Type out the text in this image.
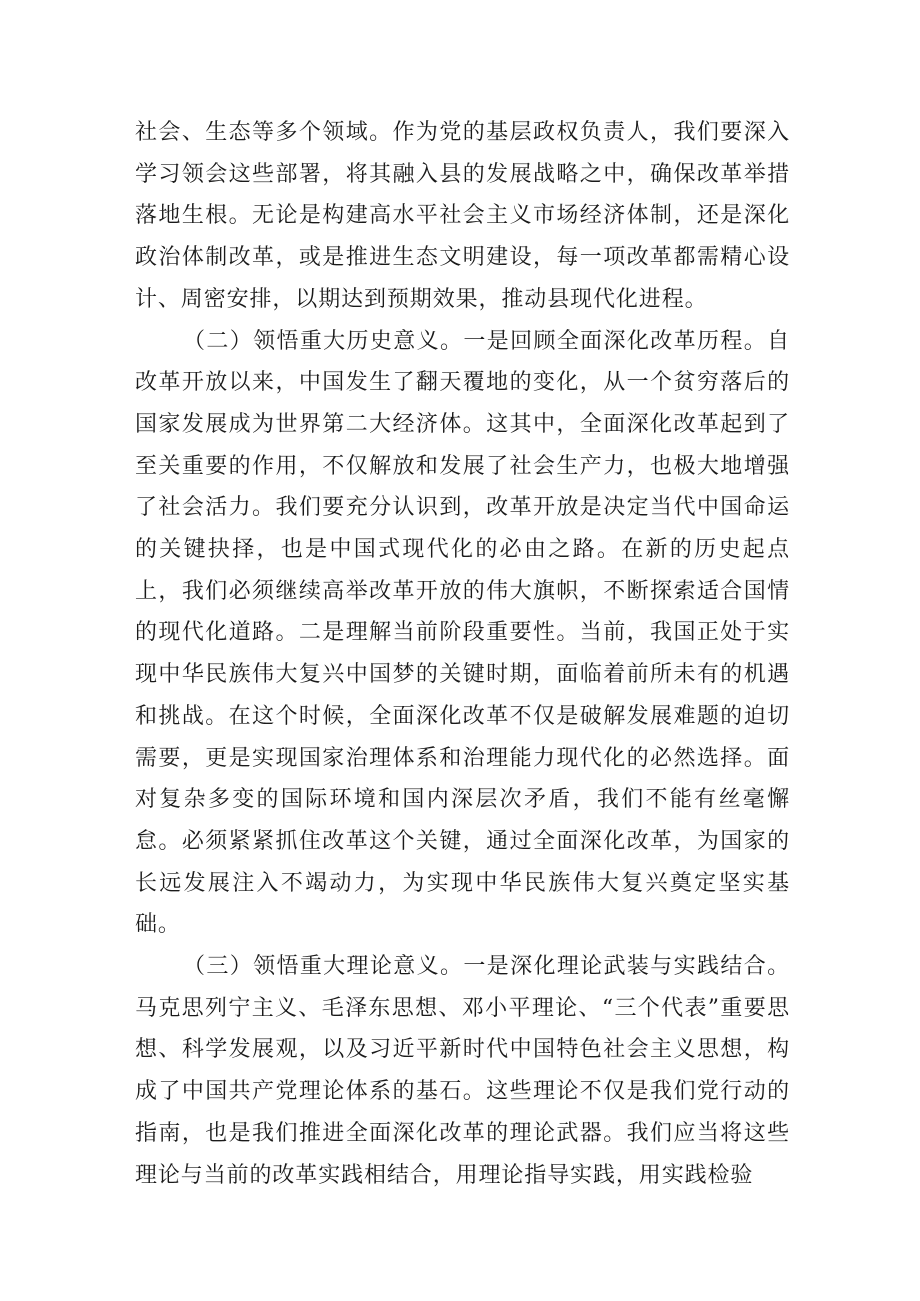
社会、生态等多个领域。作为党的基层政权负责人，我们要深入学习领会这些部署，将其融入县的发展战略之中，确保改革举措落地生根。无论是构建高水平社会主义市场经济体制，还是深化政治体制改革，或是推进生态文明建设，每一项改革都需精心设计、周密安排，以期达到预期效果，推动县现代化进程。

（二）领悟重大历史意义。一是回顾全面深化改革历程。自改革开放以来，中国发生了翻天覆地的变化，从一个贫穷落后的国家发展成为世界第二大经济体。这其中，全面深化改革起到了至关重要的作用，不仅解放和发展了社会生产力，也极大地增强了社会活力。我们要充分认识到，改革开放是决定当代中国命运的关键抉择，也是中国式现代化的必由之路。在新的历史起点上，我们必须继续高举改革开放的伟大旗帜，不断探索适合国情的现代化道路。二是理解当前阶段重要性。当前，我国正处于实现中华民族伟大复兴中国梦的关键时期，面临着前所未有的机遇和挑战。在这个时候，全面深化改革不仅是破解发展难题的迫切需要，更是实现国家治理体系和治理能力现代化的必然选择。面对复杂多变的国际环境和国内深层次矛盾，我们不能有丝毫懈怠。必须紧紧抓住改革这个关键，通过全面深化改革，为国家的长远发展注入不竭动力，为实现中华民族伟大复兴奠定坚实基础。

（三）领悟重大理论意义。一是深化理论武装与实践结合。马克思列宁主义、毛泽东思想、邓小平理论、“三个代表”重要思想、科学发展观，以及习近平新时代中国特色社会主义思想，构成了中国共产党理论体系的基石。这些理论不仅是我们党行动的指南，也是我们推进全面深化改革的理论武器。我们应当将这些理论与当前的改革实践相结合，用理论指导实践，用实践检验
